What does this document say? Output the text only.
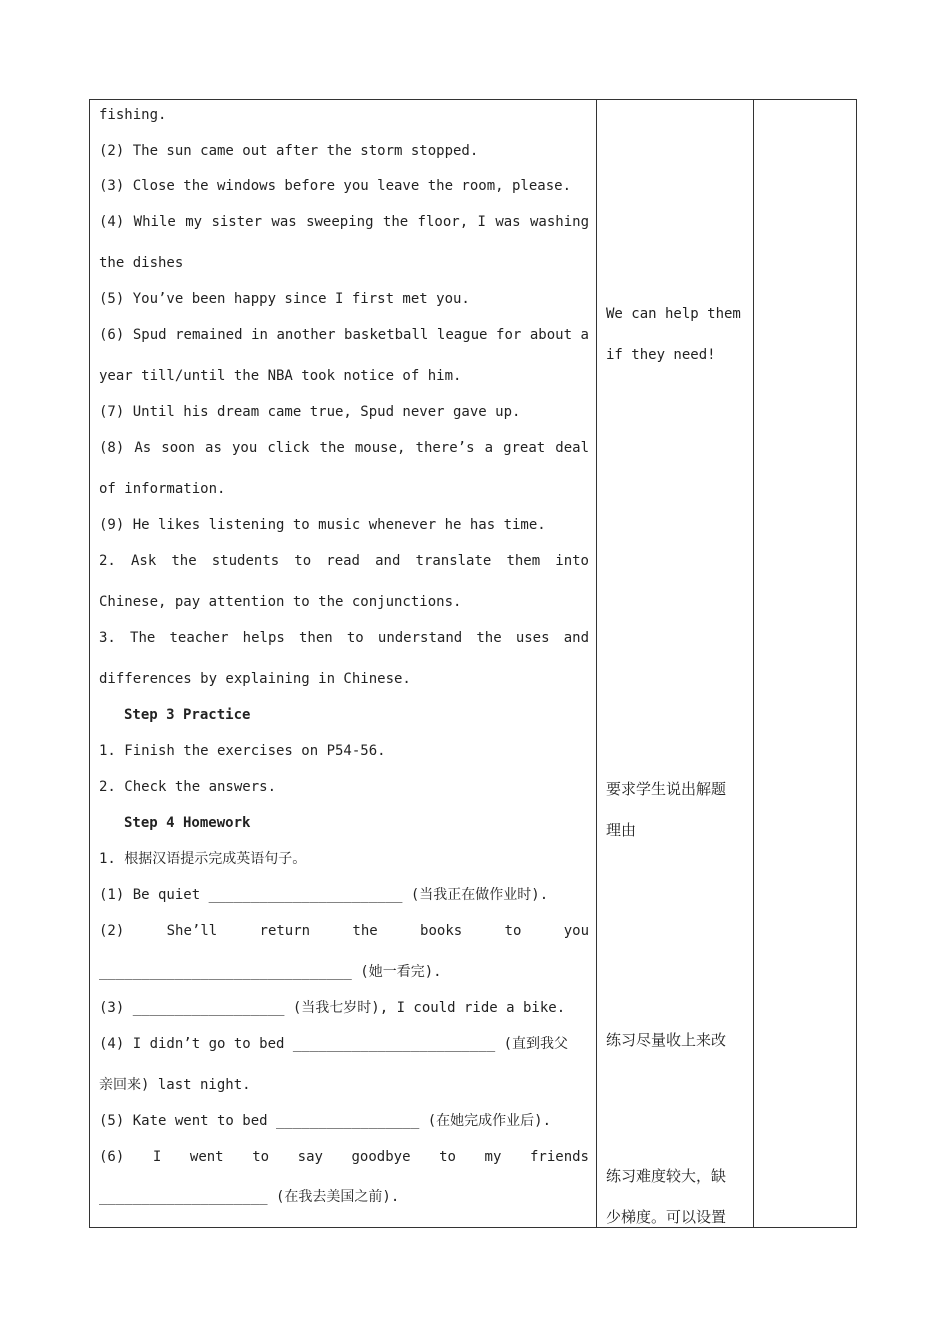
fishing.
(2) The sun came out after the storm stopped.
(3) Close the windows before you leave the room, please.
(4) While my sister was sweeping the floor, I was washing
the dishes
(5) You’ve been happy since I first met you.
(6) Spud remained in another basketball league for about a
year till/until the NBA took notice of him.
(7) Until his dream came true, Spud never gave up.
(8) As soon as you click the mouse, there’s a great deal
of information.
(9) He likes listening to music whenever he has time.
2. Ask the students to read and translate them into
Chinese, pay attention to the conjunctions.
3. The teacher helps then to understand the uses and
differences by explaining in Chinese.
Step 3 Practice
1. Finish the exercises on P54-56.
2. Check the answers.
Step 4 Homework
1. 根据汉语提示完成英语句子。
(1) Be quiet _______________________ (当我正在做作业时).
(2) She’ll return the books to you
______________________________ (她一看完).
(3) __________________ (当我七岁时), I could ride a bike.
(4) I didn’t go to bed ________________________ (直到我父
亲回来) last night.
(5) Kate went to bed _________________ (在她完成作业后).
(6) I went to say goodbye to my friends
____________________ (在我去美国之前).
We can help them
if they need!
要求学生说出解题
理由
练习尽量收上来改
练习难度较大，缺
少梯度。可以设置
